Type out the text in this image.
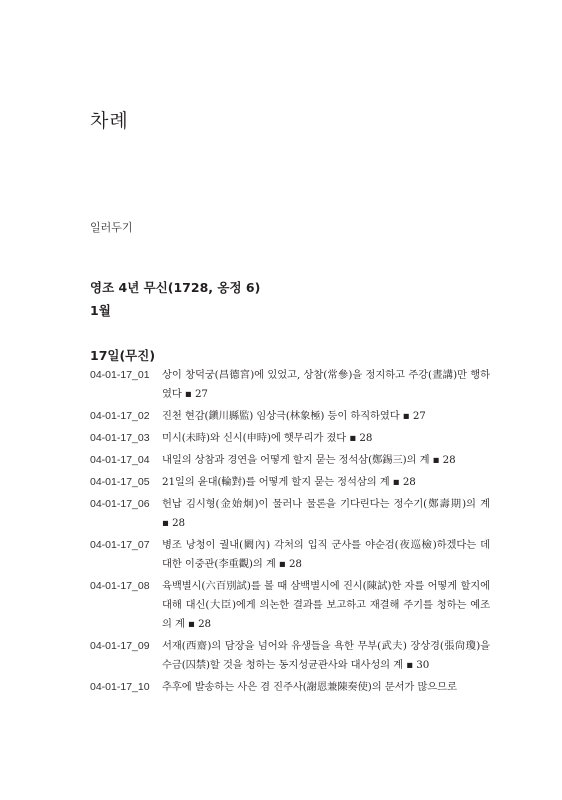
차례
일러두기
영조 4년 무신(1728, 옹정 6)
1월
17일(무진)
04-01-17_01	상이 창덕궁(昌德宮)에 있었고, 상참(常參)을 정지하고 주강(晝講)만 행하였다 ▪ 27
04-01-17_02	진천 현감(鎭川縣監) 임상극(林象極) 등이 하직하였다 ▪ 27
04-01-17_03	미시(未時)와 신시(申時)에 햇무리가 졌다 ▪ 28
04-01-17_04	내일의 상참과 경연을 어떻게 할지 묻는 정석삼(鄭錫三)의 계 ▪ 28
04-01-17_05	21일의 윤대(輪對)를 어떻게 할지 묻는 정석삼의 계 ▪ 28
04-01-17_06	헌납 김시형(金始炯)이 물러나 물론을 기다린다는 정수기(鄭壽期)의 계 ▪ 28
04-01-17_07	병조 낭청이 궐내(闕內) 각처의 입직 군사를 야순검(夜巡檢)하겠다는 데 대한 이중관(李重觀)의 계 ▪ 28
04-01-17_08	육백별시(六百別試)를 볼 때 삼백별시에 진시(陳試)한 자를 어떻게 할지에 대해 대신(大臣)에게 의논한 결과를 보고하고 재결해 주기를 청하는 예조의 계 ▪ 28
04-01-17_09	서재(西齋)의 담장을 넘어와 유생들을 욕한 무부(武夫) 장상경(張尙瓊)을 수금(囚禁)할 것을 청하는 동지성균관사와 대사성의 계 ▪ 30
04-01-17_10	추후에 발송하는 사은 겸 진주사(謝恩兼陳奏使)의 문서가 많으므로
